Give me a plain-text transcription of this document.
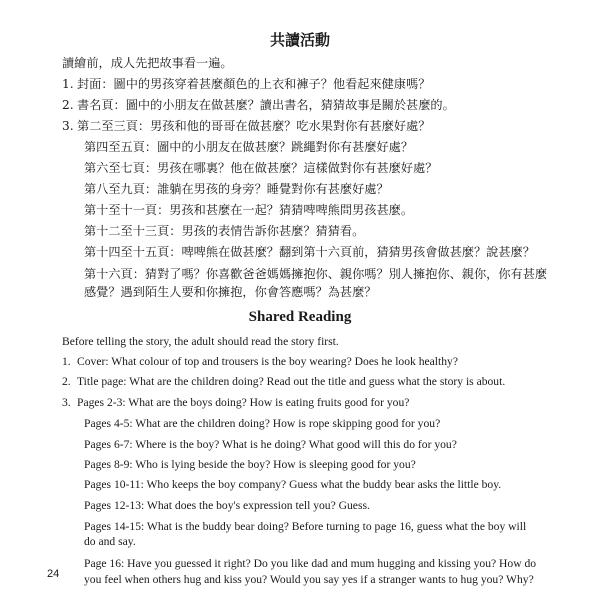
共讀活動
讀繪前，成人先把故事看一遍。
1. 封面：圖中的男孩穿着甚麼顏色的上衣和褲子？他看起來健康嗎？
2. 書名頁：圖中的小朋友在做甚麼？讀出書名，猜猜故事是關於甚麼的。
3. 第二至三頁：男孩和他的哥哥在做甚麼？吃水果對你有甚麼好處？
第四至五頁：圖中的小朋友在做甚麼？跳繩對你有甚麼好處？
第六至七頁：男孩在哪裏？他在做甚麼？這樣做對你有甚麼好處？
第八至九頁：誰躺在男孩的身旁？睡覺對你有甚麼好處？
第十至十一頁：男孩和甚麼在一起？猜猜啤啤熊問男孩甚麼。
第十二至十三頁：男孩的表情告訴你甚麼？猜猜看。
第十四至十五頁：啤啤熊在做甚麼？翻到第十六頁前，猜猜男孩會做甚麼？說甚麼？
第十六頁：猜對了嗎？你喜歡爸爸媽媽擁抱你、親你嗎？別人擁抱你、親你，你有甚麼
感覺？遇到陌生人要和你擁抱，你會答應嗎？為甚麼？
Shared Reading
Before telling the story, the adult should read the story first.
1. Cover: What colour of top and trousers is the boy wearing? Does he look healthy?
2. Title page: What are the children doing? Read out the title and guess what the story is about.
3. Pages 2-3: What are the boys doing? How is eating fruits good for you?
Pages 4-5: What are the children doing? How is rope skipping good for you?
Pages 6-7: Where is the boy? What is he doing? What good will this do for you?
Pages 8-9: Who is lying beside the boy? How is sleeping good for you?
Pages 10-11: Who keeps the boy company? Guess what the buddy bear asks the little boy.
Pages 12-13: What does the boy's expression tell you? Guess.
Pages 14-15: What is the buddy bear doing? Before turning to page 16, guess what the boy will
do and say.
Page 16: Have you guessed it right? Do you like dad and mum hugging and kissing you? How do
you feel when others hug and kiss you? Would you say yes if a stranger wants to hug you? Why?
24
